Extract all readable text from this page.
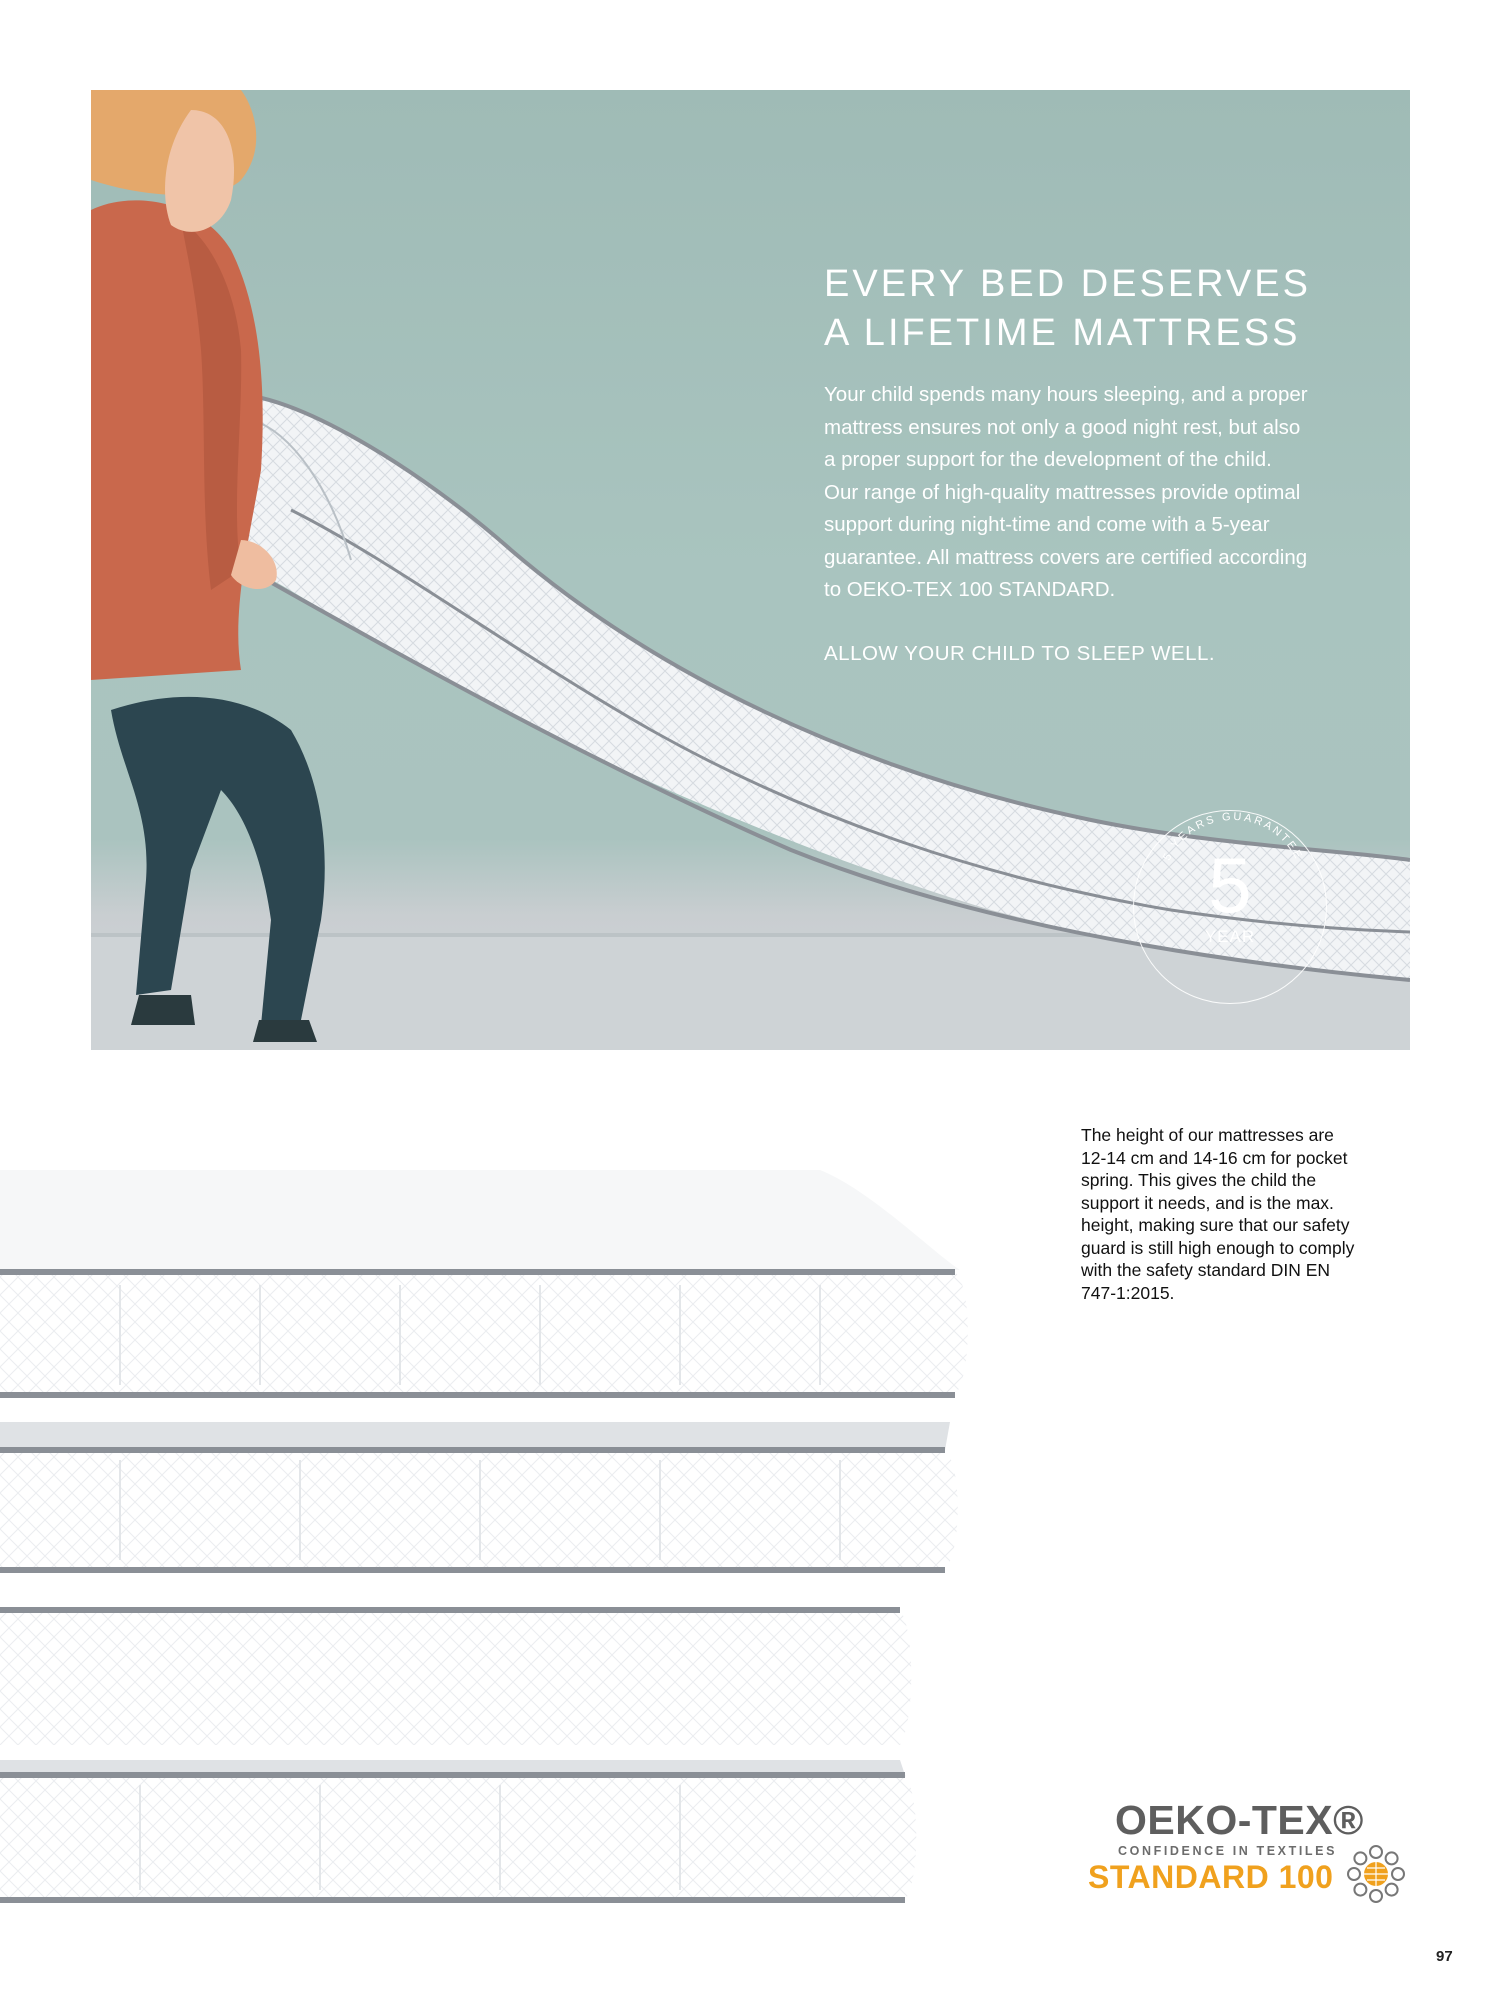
EVERY BED DESERVES
A LIFETIME MATTRESS
Your child spends many hours sleeping, and a proper
mattress ensures not only a good night rest, but also
a proper support for the development of the child.
Our range of high-quality mattresses provide optimal
support during night-time and come with a 5-year
guarantee. All mattress covers are certified according
to OEKO-TEX 100 STANDARD.

ALLOW YOUR CHILD TO SLEEP WELL.

5 YEARS GUARANTEE
5
YEAR
The height of our mattresses are
12-14 cm and 14-16 cm for pocket
spring. This gives the child the
support it needs, and is the max.
height, making sure that our safety
guard is still high enough to comply
with the safety standard DIN EN
747-1:2015.

OEKO-TEX®

CONFIDENCE IN TEXTILES

STANDARD 100

97
